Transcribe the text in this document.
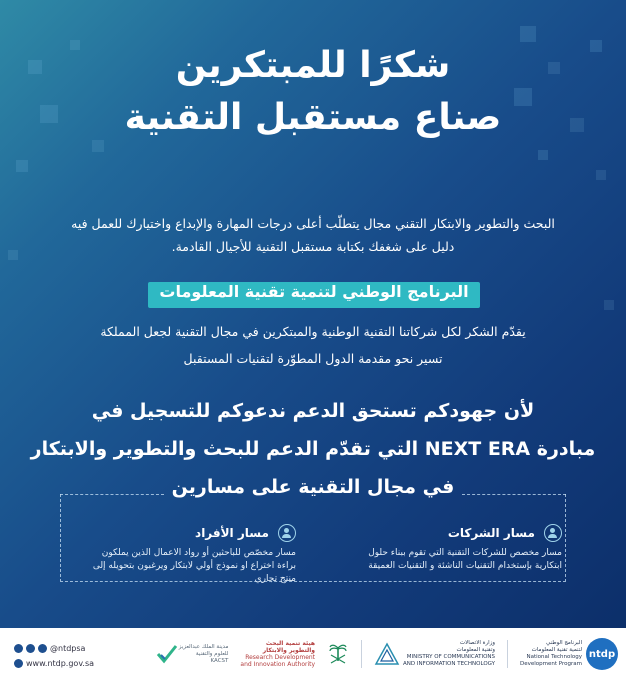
شكرًا للمبتكرين
صناع مستقبل التقنية
البحث والتطوير والابتكار التقني مجال يتطلّب أعلى درجات المهارة والإبداع واختيارك للعمل فيه
دليل على شغفك بكتابة مستقبل التقنية للأجيال القادمة.
البرنامج الوطني لتنمية تقنية المعلومات
يقدّم الشكر لكل شركاتنا التقنية الوطنية والمبتكرين في مجال التقنية لجعل المملكة
تسير نحو مقدمة الدول المطوّرة لتقنيات المستقبل
لأن جهودكم تستحق الدعم ندعوكم للتسجيل في
مبادرة NEXT ERA التي تقدّم الدعم للبحث والتطوير والابتكار
في مجال التقنية على مسارين
مسار الشركات
مسار مخصص للشركات التقنية التي تقوم ببناء حلول
ابتكارية بإستخدام التقنيات الناشئة و التقنيات العميقة
مسار الأفراد
مسار مخصّص للباحثين أو رواد الاعمال الذين يملكون
براءة اختراع او نموذج أولي لابتكار ويرغبون بتحويله إلى
منتج تجاري
@ntdpsa
www.ntdp.gov.sa
مدينة الملك عبدالعزيز
للعلوم والتقنية
KACST
هيئة تنمية البحث
والتطوير والابتكار
Research Development
and Innovation Authority
وزارة الاتصالات
وتقنية المعلومات
MINISTRY OF COMMUNICATIONS
AND INFORMATION TECHNOLOGY
البرنامج الوطني
لتنمية تقنية المعلومات
National Technology
Development Program
ntdp
